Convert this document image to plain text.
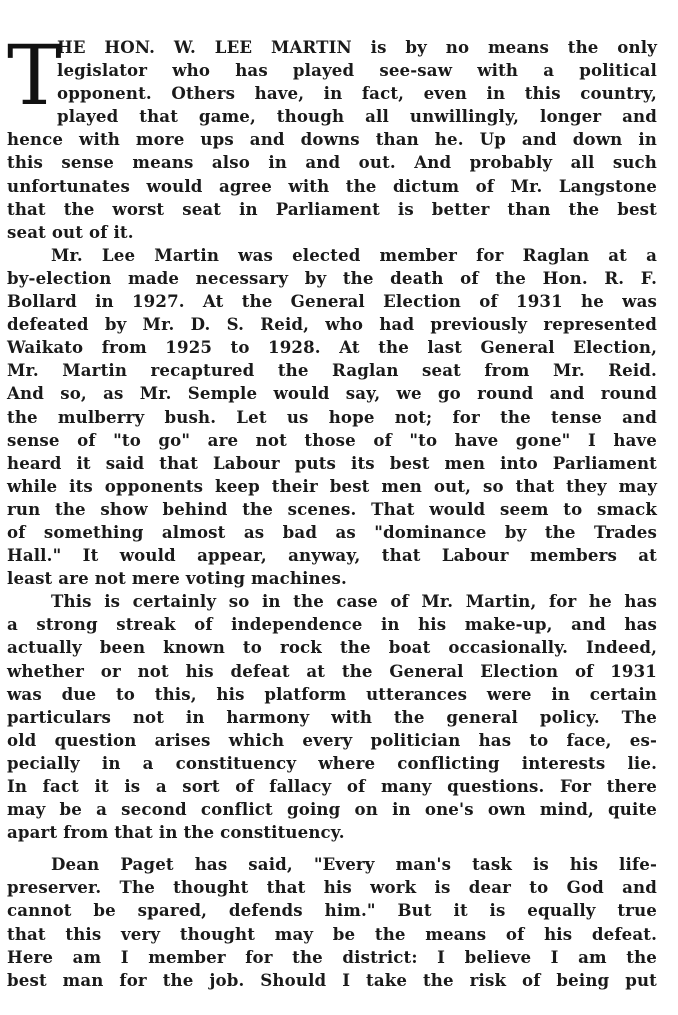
T
HE HON. W. LEE MARTIN is by no means the only
legislator who has played see-saw with a political
opponent. Others have, in fact, even in this country,
played that game, though all unwillingly, longer and
hence with more ups and downs than he. Up and down in
this sense means also in and out. And probably all such
unfortunates would agree with the dictum of Mr. Langstone
that the worst seat in Parliament is better than the best
seat out of it.
Mr. Lee Martin was elected member for Raglan at a
by-election made necessary by the death of the Hon. R. F.
Bollard in 1927. At the General Election of 1931 he was
defeated by Mr. D. S. Reid, who had previously represented
Waikato from 1925 to 1928. At the last General Election,
Mr. Martin recaptured the Raglan seat from Mr. Reid.
And so, as Mr. Semple would say, we go round and round
the mulberry bush. Let us hope not; for the tense and
sense of "to go" are not those of "to have gone" I have
heard it said that Labour puts its best men into Parliament
while its opponents keep their best men out, so that they may
run the show behind the scenes. That would seem to smack
of something almost as bad as "dominance by the Trades
Hall." It would appear, anyway, that Labour members at
least are not mere voting machines.
This is certainly so in the case of Mr. Martin, for he has
a strong streak of independence in his make-up, and has
actually been known to rock the boat occasionally. Indeed,
whether or not his defeat at the General Election of 1931
was due to this, his platform utterances were in certain
particulars not in harmony with the general policy. The
old question arises which every politician has to face, es-
pecially in a constituency where conflicting interests lie.
In fact it is a sort of fallacy of many questions. For there
may be a second conflict going on in one's own mind, quite
apart from that in the constituency.
Dean Paget has said, "Every man's task is his life-
preserver. The thought that his work is dear to God and
cannot be spared, defends him." But it is equally true
that this very thought may be the means of his defeat.
Here am I member for the district: I believe I am the
best man for the job. Should I take the risk of being put
